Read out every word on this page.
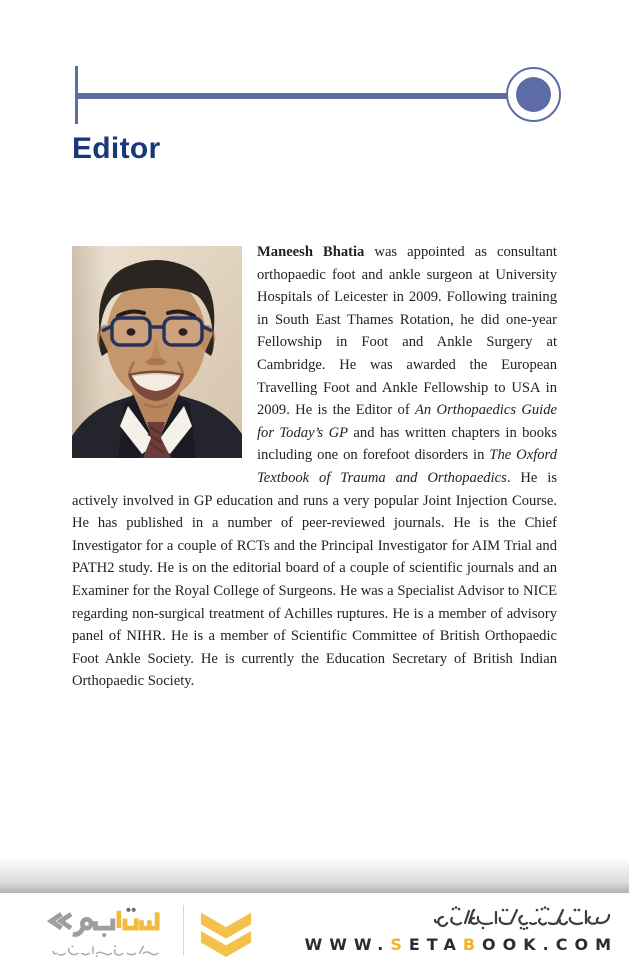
Editor

Maneesh Bhatia was appointed as consultant orthopaedic foot and ankle surgeon at University Hospitals of Leicester in 2009. Following training in South East Thames Rotation, he did one-year Fellowship in Foot and Ankle Surgery at Cambridge. He was awarded the European Travelling Foot and Ankle Fellowship to USA in 2009. He is the Editor of An Orthopaedics Guide for Today’s GP and has written chapters in books including one on forefoot disorders in The Oxford Textbook of Trauma and Orthopaedics. He is actively involved in GP education and runs a very popular Joint Injection Course. He has published in a number of peer-reviewed journals. He is the Chief Investigator for a couple of RCTs and the Principal Investigator for AIM Trial and PATH2 study. He is on the editorial board of a couple of scientific journals and an Examiner for the Royal College of Surgeons. He was a Specialist Advisor to NICE regarding non-surgical treatment of Achilles ruptures. He is a member of advisory panel of NIHR. He is a member of Scientific Committee of British Orthopaedic Foot Ankle Society. He is currently the Education Secretary of British Indian Orthopaedic Society.

WWW.SETABOOK.COM
